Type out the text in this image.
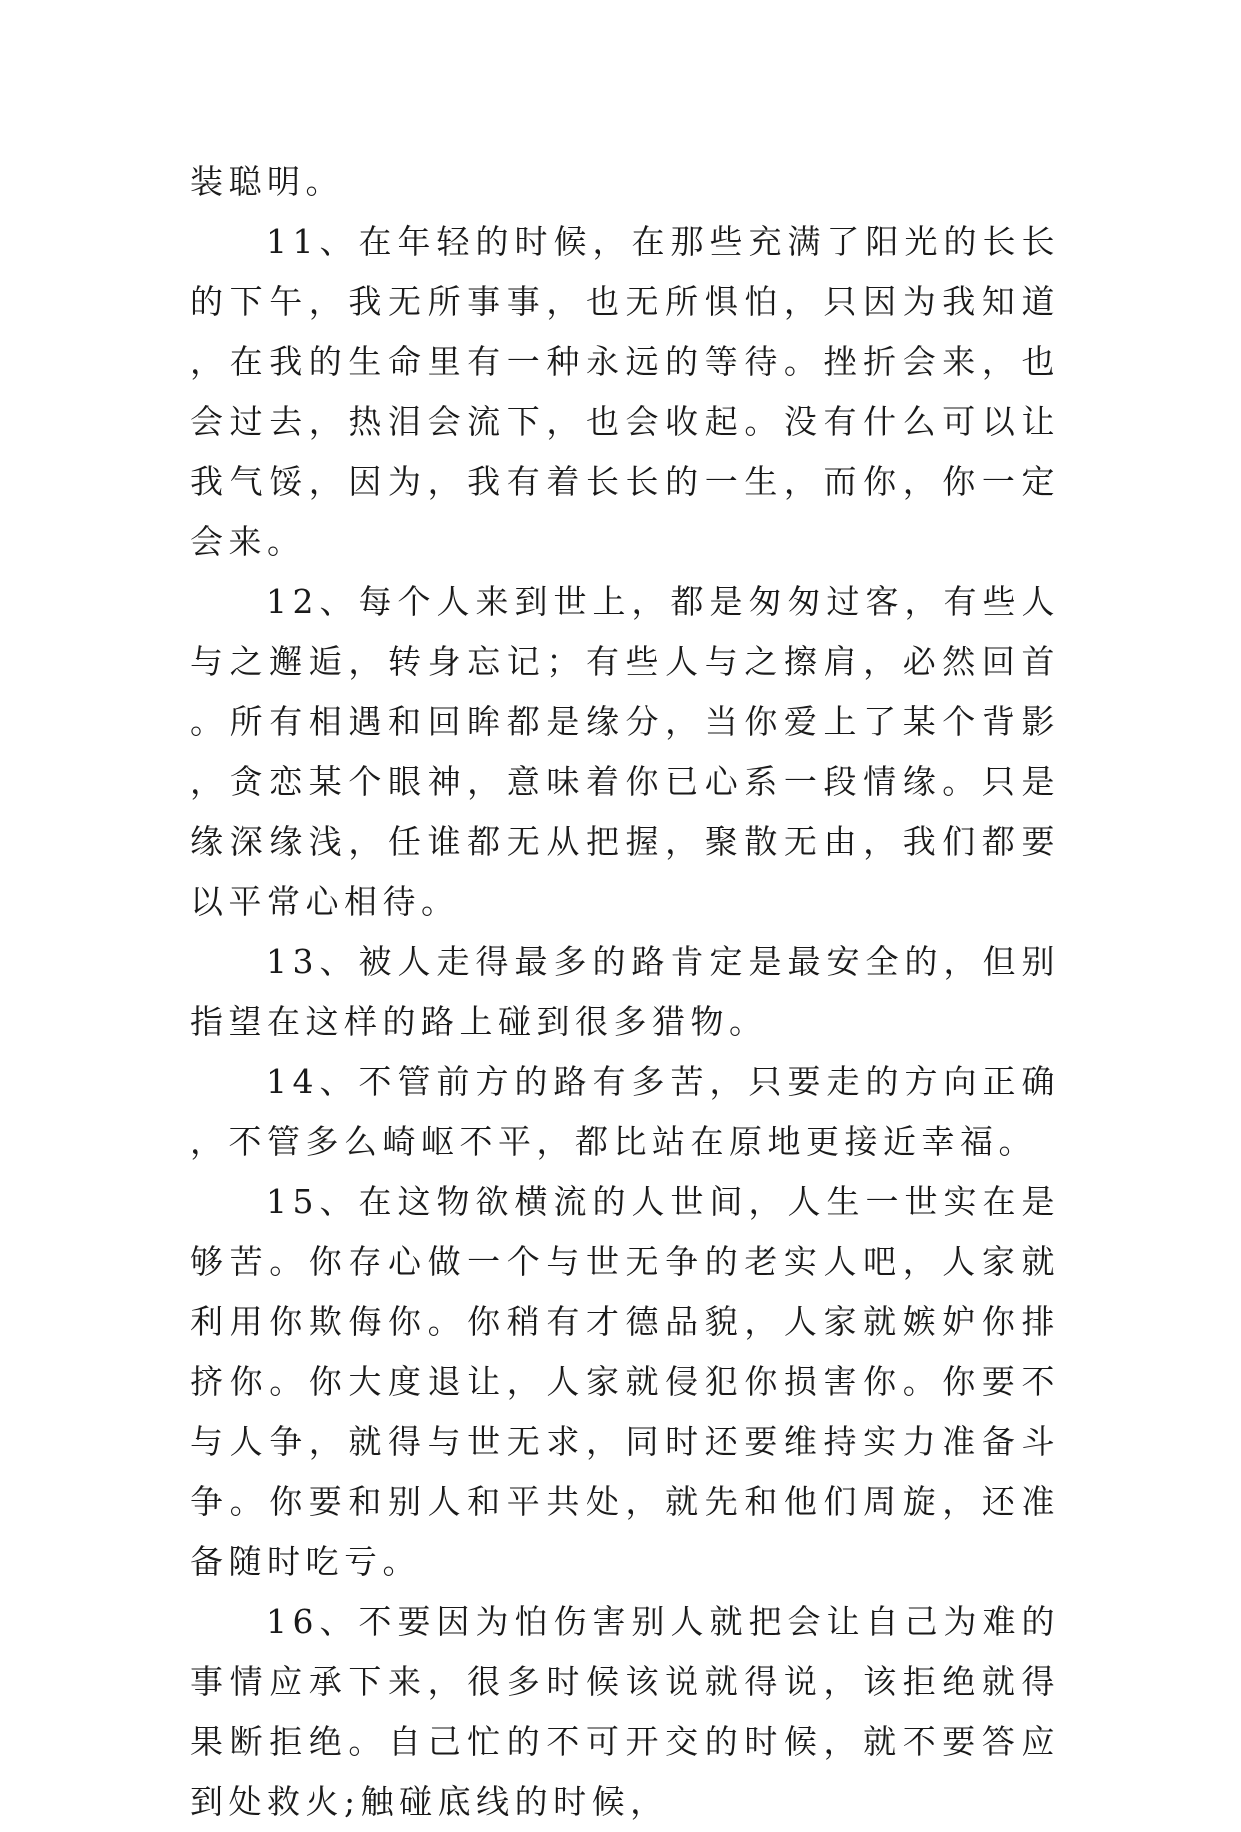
装聪明。

11、在年轻的时候，在那些充满了阳光的长长的下午，我无所事事，也无所惧怕，只因为我知道，在我的生命里有一种永远的等待。挫折会来，也会过去，热泪会流下，也会收起。没有什么可以让我气馁，因为，我有着长长的一生，而你，你一定会来。

12、每个人来到世上，都是匆匆过客，有些人与之邂逅，转身忘记；有些人与之擦肩，必然回首。所有相遇和回眸都是缘分，当你爱上了某个背影，贪恋某个眼神，意味着你已心系一段情缘。只是缘深缘浅，任谁都无从把握，聚散无由，我们都要以平常心相待。

13、被人走得最多的路肯定是最安全的，但别指望在这样的路上碰到很多猎物。

14、不管前方的路有多苦，只要走的方向正确，不管多么崎岖不平，都比站在原地更接近幸福。

15、在这物欲横流的人世间，人生一世实在是够苦。你存心做一个与世无争的老实人吧，人家就利用你欺侮你。你稍有才德品貌，人家就嫉妒你排挤你。你大度退让，人家就侵犯你损害你。你要不与人争，就得与世无求，同时还要维持实力准备斗争。你要和别人和平共处，就先和他们周旋，还准备随时吃亏。

16、不要因为怕伤害别人就把会让自己为难的事情应承下来，很多时候该说就得说，该拒绝就得果断拒绝。自己忙的不可开交的时候，就不要答应到处救火;触碰底线的时候，
